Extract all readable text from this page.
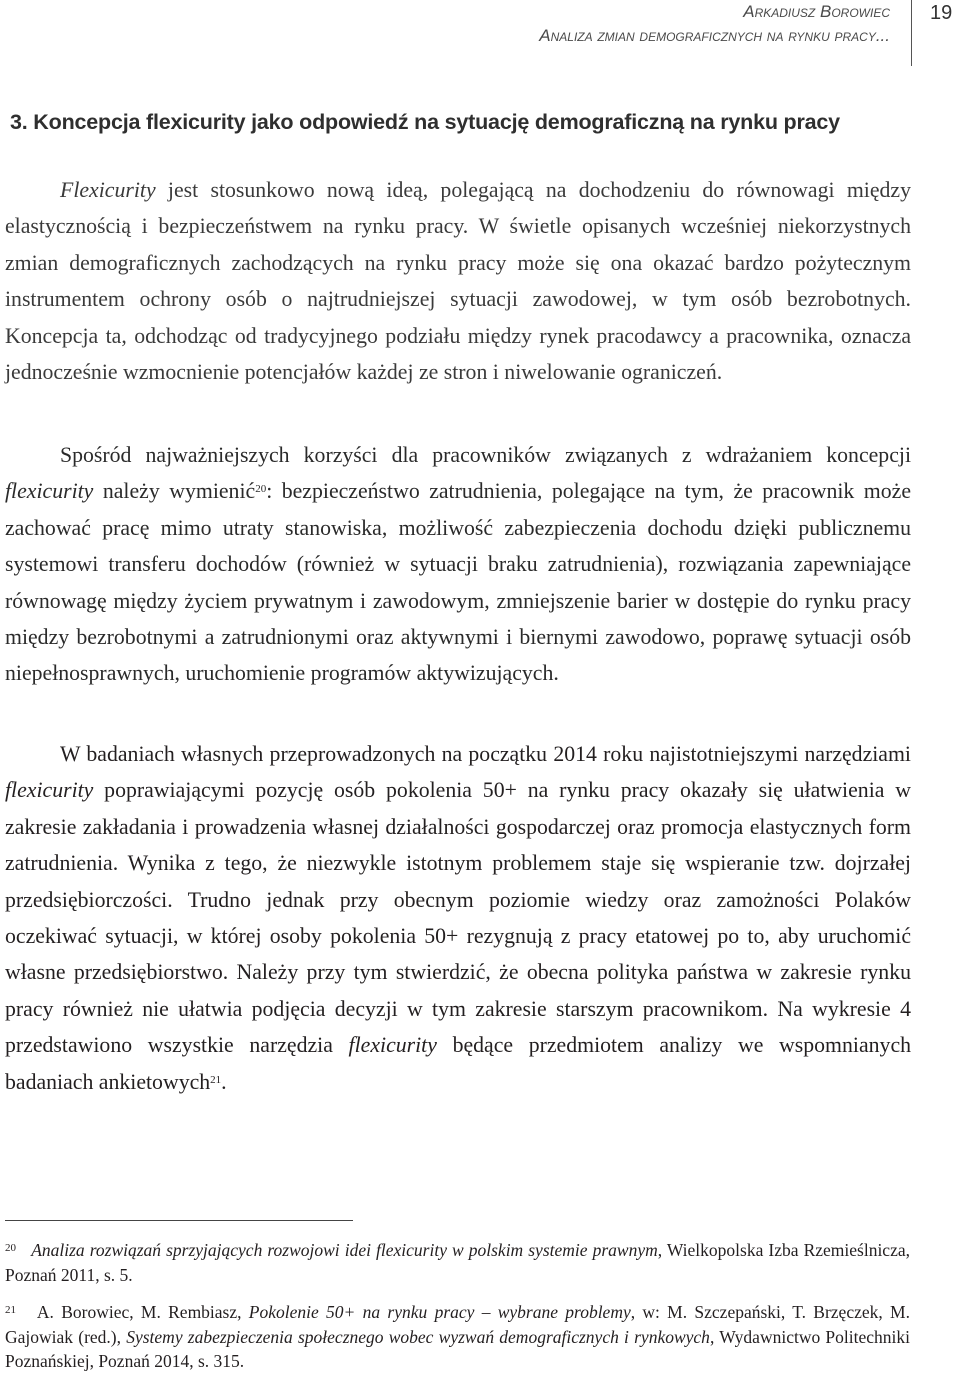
Arkadiusz Borowiec
Analiza zmian demograficznych na rynku pracy...
19
3. Koncepcja flexicurity jako odpowiedź na sytuację demograficzną na rynku pracy

Flexicurity jest stosunkowo nową ideą, polegającą na dochodzeniu do równowagi między elastycznością i bezpieczeństwem na rynku pracy. W świetle opisanych wcześniej niekorzystnych zmian demograficznych zachodzących na rynku pracy może się ona okazać bardzo pożytecznym instrumentem ochrony osób o najtrudniejszej sytuacji zawodowej, w tym osób bezrobotnych. Koncepcja ta, odchodząc od tradycyjnego podziału między rynek pracodawcy a pracownika, oznacza jednocześnie wzmocnienie potencjałów każdej ze stron i niwelowanie ograniczeń.

Spośród najważniejszych korzyści dla pracowników związanych z wdrażaniem koncepcji flexicurity należy wymienić$^{20}$: bezpieczeństwo zatrudnienia, polegające na tym, że pracownik może zachować pracę mimo utraty stanowiska, możliwość zabezpieczenia dochodu dzięki publicznemu systemowi transferu dochodów (również w sytuacji braku zatrudnienia), rozwiązania zapewniające równowagę między życiem prywatnym i zawodowym, zmniejszenie barier w dostępie do rynku pracy między bezrobotnymi a zatrudnionymi oraz aktywnymi i biernymi zawodowo, poprawę sytuacji osób niepełnosprawnych, uruchomienie programów aktywizujących.

W badaniach własnych przeprowadzonych na początku 2014 roku najistotniejszymi narzędziami flexicurity poprawiającymi pozycję osób pokolenia 50+ na rynku pracy okazały się ułatwienia w zakresie zakładania i prowadzenia własnej działalności gospodarczej oraz promocja elastycznych form zatrudnienia. Wynika z tego, że niezwykle istotnym problemem staje się wspieranie tzw. dojrzałej przedsiębiorczości. Trudno jednak przy obecnym poziomie wiedzy oraz zamożności Polaków oczekiwać sytuacji, w której osoby pokolenia 50+ rezygnują z pracy etatowej po to, aby uruchomić własne przedsiębiorstwo. Należy przy tym stwierdzić, że obecna polityka państwa w zakresie rynku pracy również nie ułatwia podjęcia decyzji w tym zakresie starszym pracownikom. Na wykresie 4 przedstawiono wszystkie narzędzia flexicurity będące przedmiotem analizy we wspomnianych badaniach ankietowych$^{21}$.

$^{20}$ Analiza rozwiązań sprzyjających rozwojowi idei flexicurity w polskim systemie prawnym, Wielkopolska Izba Rzemieślnicza, Poznań 2011, s. 5.
$^{21}$ A. Borowiec, M. Rembiasz, Pokolenie 50+ na rynku pracy – wybrane problemy, w: M. Szczepański, T. Brzęczek, M. Gajowiak (red.), Systemy zabezpieczenia społecznego wobec wyzwań demograficznych i rynkowych, Wydawnictwo Politechniki Poznańskiej, Poznań 2014, s. 315.
